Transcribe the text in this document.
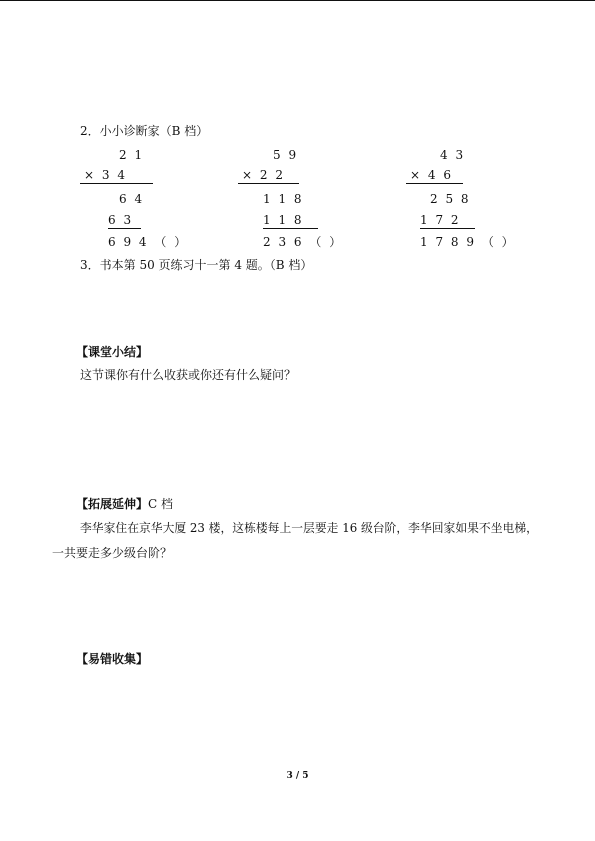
2．小小诊断家（B 档）
2 1
× 3 4
6 4
6 3
6 9 4 （ ）
5 9
× 2 2
1 1 8
1 1 8
2 3 6 （ ）
4 3
× 4 6
2 5 8
1 7 2
1 7 8 9 （ ）
3．书本第 50 页练习十一第 4 题。（B 档）
【课堂小结】
这节课你有什么收获或你还有什么疑问？
【拓展延伸】C 档
李华家住在京华大厦 23 楼，这栋楼每上一层要走 16 级台阶，李华回家如果不坐电梯，
一共要走多少级台阶？
【易错收集】
3 / 5
